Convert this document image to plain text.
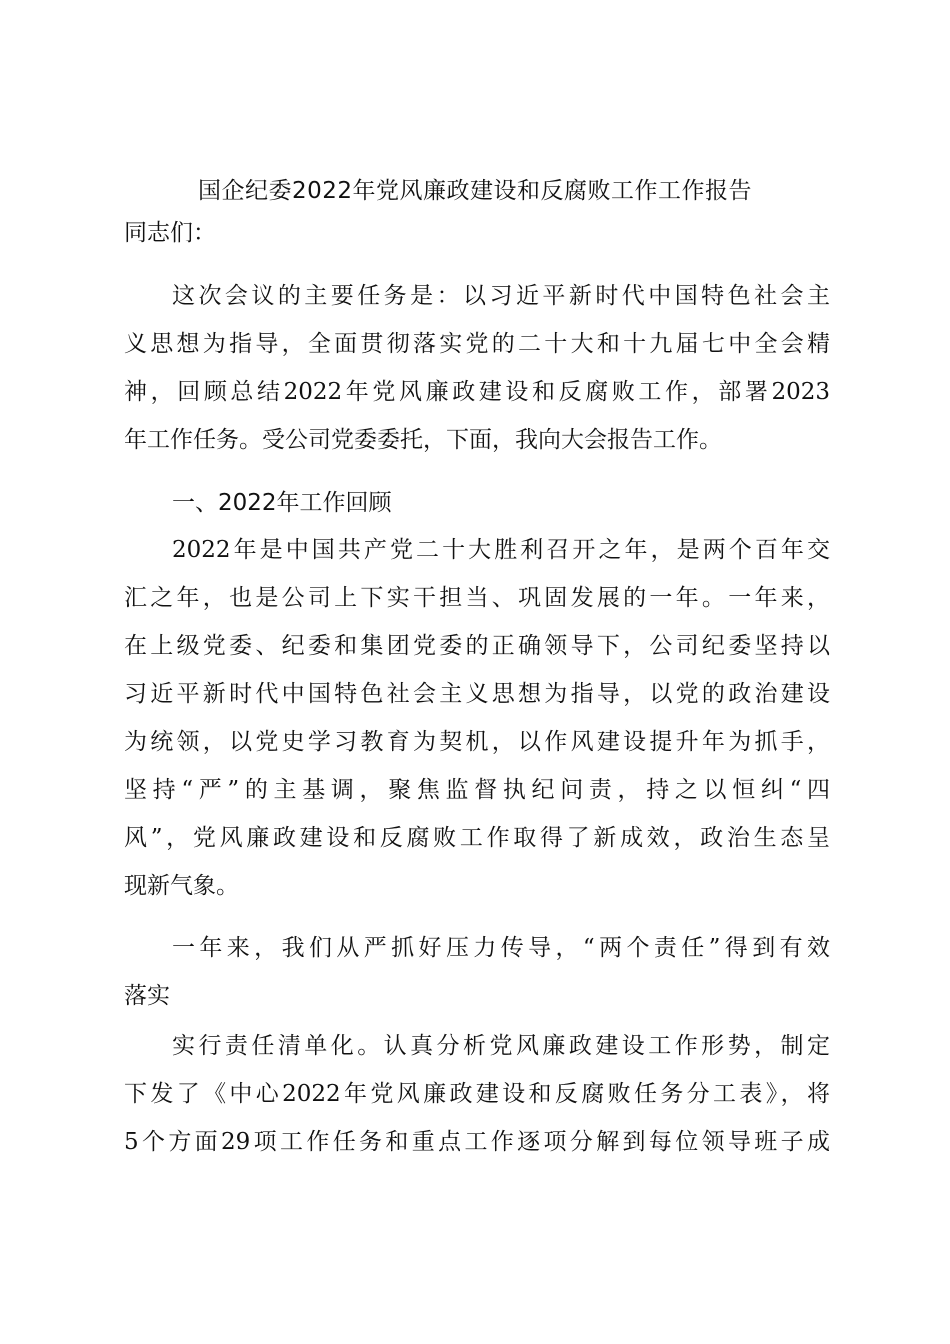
国企纪委2022年党风廉政建设和反腐败工作工作报告
同志们：
这次会议的主要任务是：以习近平新时代中国特色社会主
义思想为指导，全面贯彻落实党的二十大和十九届七中全会精
神，回顾总结2022年党风廉政建设和反腐败工作，部署2023
年工作任务。受公司党委委托，下面，我向大会报告工作。
一、2022年工作回顾
2022年是中国共产党二十大胜利召开之年，是两个百年交
汇之年，也是公司上下实干担当、巩固发展的一年。一年来，
在上级党委、纪委和集团党委的正确领导下，公司纪委坚持以
习近平新时代中国特色社会主义思想为指导，以党的政治建设
为统领，以党史学习教育为契机，以作风建设提升年为抓手，
坚持“严”的主基调，聚焦监督执纪问责，持之以恒纠“四
风”，党风廉政建设和反腐败工作取得了新成效，政治生态呈
现新气象。
一年来，我们从严抓好压力传导，“两个责任”得到有效
落实
实行责任清单化。认真分析党风廉政建设工作形势，制定
下发了《中心2022年党风廉政建设和反腐败任务分工表》，将
5个方面29项工作任务和重点工作逐项分解到每位领导班子成
